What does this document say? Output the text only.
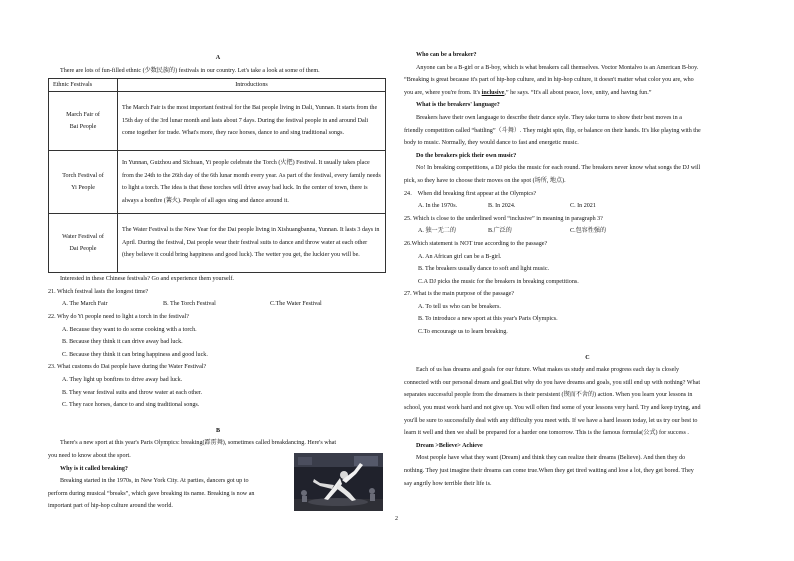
A

There are lots of fun-filled ethnic (少数民族的) festivals in our country. Let's take a look at some of them.

Ethnic Festivals	Introductions

March Fair of
Bai People	The March Fair is the most important festival for the Bai people living in Dali, Yunnan. It starts from the 15th day of the 3rd lunar month and lasts about 7 days. During the festival people in and around Dali come together for trade. What's more, they race horses, dance to and sing traditional songs.

Torch Festival of
Yi People	In Yunnan, Guizhou and Sichuan, Yi people celebrate the Torch (火把) Festival. It usually takes place from the 24th to the 26th day of the 6th lunar month every year. As part of the festival, every family needs to light a torch. The idea is that these torches will drive away bad luck. In the center of town, there is always a bonfire (篝火). People of all ages sing and dance around it.

Water Festival of
Dai People	The Water Festival is the New Year for the Dai people living in Xishuangbanna, Yunnan. It lasts 3 days in April. During the festival, Dai people wear their festival suits to dance and throw water at each other (they believe it could bring happiness and good luck). The wetter you get, the luckier you will be.

Interested in these Chinese festivals? Go and experience them yourself.

21. Which festival lasts the longest time?

A. The March Fair	B. The Torch Festival	C.The Water Festival

22. Why do Yi people need to light a torch in the festival?

A. Because they want to do some cooking with a torch.

B. Because they think it can drive away bad luck.

C. Because they think it can bring happiness and good luck.

23. What customs do Dai people have during the Water Festival?

A. They light up bonfires to drive away bad luck.

B. They wear festival suits and throw water at each other.

C. They race horses, dance to and sing traditional songs.

B

There's a new sport at this year's Paris Olympics: breaking(霹雳舞), sometimes called breakdancing. Here's what

you need to know about the sport.

Why is it called breaking?

Breaking started in the 1970s, in New York City. At parties, dancers got up to

perform during musical “breaks”, which gave breaking its name. Breaking is now an

important part of hip-hop culture around the world.

Who can be a breaker?

Anyone can be a B-girl or a B-boy, which is what breakers call themselves. Voctor Montalvo is an American B-boy.

“Breaking is great because it's part of hip-hop culture, and in hip-hop culture, it doesn't matter what color you are, who

you are, where you're from. It's inclusive,” he says. “It's all about peace, love, unity, and having fun.”

What is the breakers' language?

Breakers have their own language to describe their dance style. They take turns to show their best moves in a

friendly competition called “battling”（斗舞）. They might spin, flip, or balance on their hands. It's like playing with the

body to music. Normally, they would dance to fast and energetic music.

Do the breakers pick their own music?

No! In breaking competitions, a DJ picks the music for each round. The breakers never know what songs the DJ will

pick, so they have to choose their moves on the spot (场所, 地点).

24． When did breaking first appear at the Olympics?

A. In the 1970s.	B. In 2024.	C. In 2021

25. Which is close to the underlined word “inclusive” in meaning in paragraph 3?

A. 独一无二的	B.广泛的	C.包容性强的

26.Which statement is NOT true according to the passage?

A. An African girl can be a B-girl.

B. The breakers usually dance to soft and light music.

C.A DJ picks the music for the breakers in breaking competitions.

27. What is the main purpose of the passage?

A. To tell us who can be breakers.

B. To introduce a new sport at this year's Paris Olympics.

C.To encourage us to learn breaking.

C

Each of us has dreams and goals for our future. What makes us study and make progress each day is closely

connected with our personal dream and goal.But why do you have dreams and goals, you still end up with nothing? What

separates successful people from the dreamers is their persistent (锲而不舍的) action. When you learn your lessons in

school, you must work hard and not give up. You will often find some of your lessons very hard. Try and keep trying, and

you'll be sure to successfully deal with any difficulty you meet with. If we have a hard lesson today, let us try our best to

learn it well and then we shall be prepared for a harder one tomorrow. This is the famous formula(公式) for success .

Dream >Believe> Achieve

Most people have what they want (Dream) and think they can realize their dreams (Believe). And then they do

nothing. They just imagine their dreams can come true.When they get tired waiting and lose a lot, they get bored. They

say angrily how terrible their life is.

2
